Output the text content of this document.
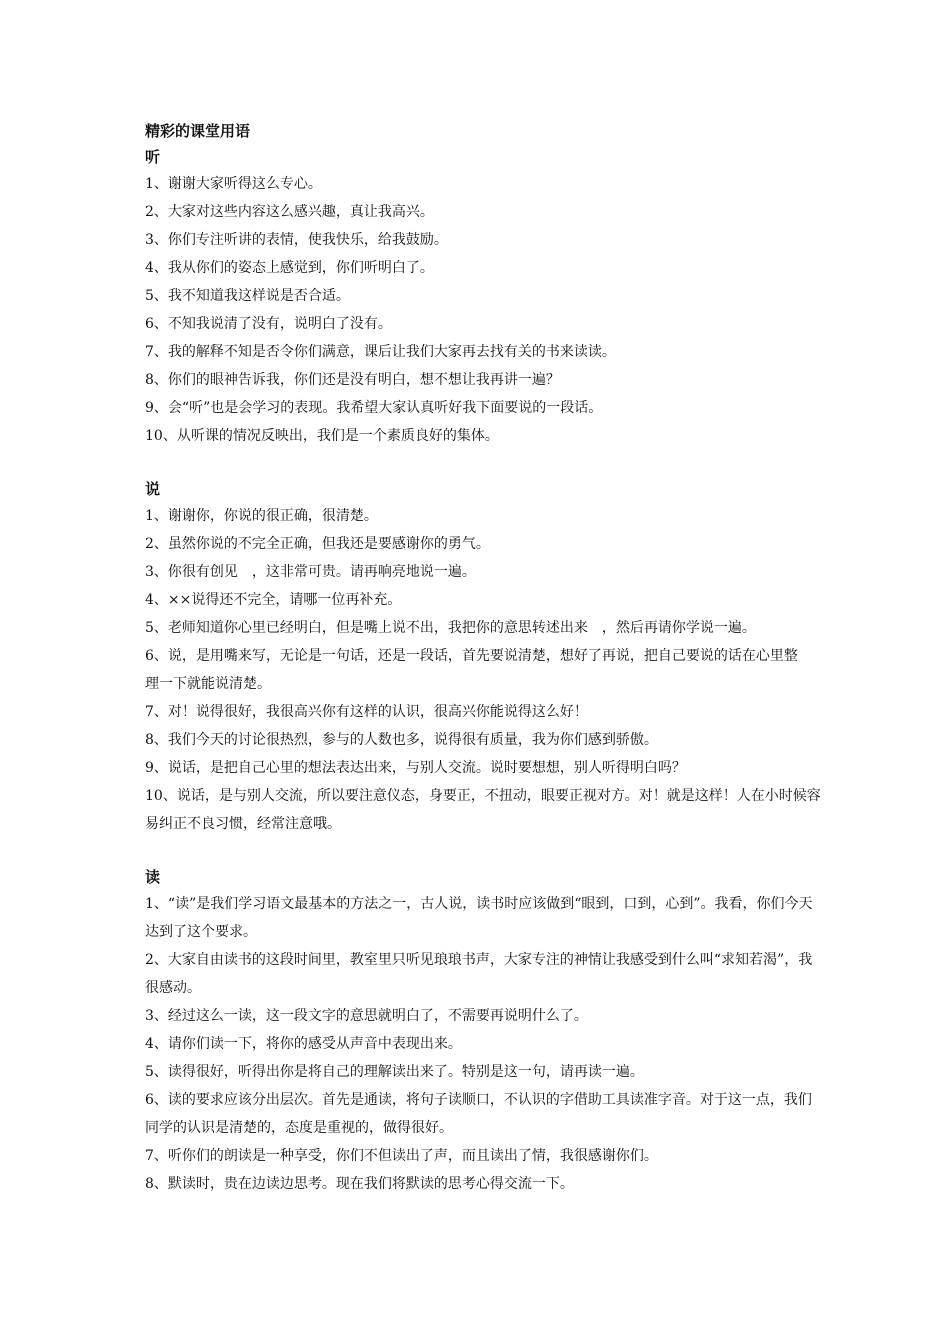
精彩的课堂用语
听

1、谢谢大家听得这么专心。

2、大家对这些内容这么感兴趣，真让我高兴。

3、你们专注听讲的表情，使我快乐，给我鼓励。

4、我从你们的姿态上感觉到，你们听明白了。

5、我不知道我这样说是否合适。

6、不知我说清了没有，说明白了没有。

7、我的解释不知是否令你们满意，课后让我们大家再去找有关的书来读读。

8、你们的眼神告诉我，你们还是没有明白，想不想让我再讲一遍？

9、会“听”也是会学习的表现。我希望大家认真听好我下面要说的一段话。

10、从听课的情况反映出，我们是一个素质良好的集体。

说

1、谢谢你，你说的很正确，很清楚。

2、虽然你说的不完全正确，但我还是要感谢你的勇气。

3、你很有创见　，这非常可贵。请再响亮地说一遍。

4、××说得还不完全，请哪一位再补充。

5、老师知道你心里已经明白，但是嘴上说不出，我把你的意思转述出来　，然后再请你学说一遍。

6、说，是用嘴来写，无论是一句话，还是一段话，首先要说清楚，想好了再说，把自己要说的话在心里整　理一下就能说清楚。

7、对！说得很好，我很高兴你有这样的认识，很高兴你能说得这么好！

8、我们今天的讨论很热烈，参与的人数也多，说得很有质量，我为你们感到骄傲。

9、说话，是把自己心里的想法表达出来，与别人交流。说时要想想，别人听得明白吗？

10、说话，是与别人交流，所以要注意仪态，身要正，不扭动，眼要正视对方。对！就是这样！人在小时候容易纠正不良习惯，经常注意哦。

读

1、“读”是我们学习语文最基本的方法之一，古人说，读书时应该做到“眼到，口到，心到”。我看，你们今天达到了这个要求。

2、大家自由读书的这段时间里，教室里只听见琅琅书声，大家专注的神情让我感受到什么叫“求知若渴”，我很感动。

3、经过这么一读，这一段文字的意思就明白了，不需要再说明什么了。

4、请你们读一下，将你的感受从声音中表现出来。

5、读得很好，听得出你是将自己的理解读出来了。特别是这一句，请再读一遍。

6、读的要求应该分出层次。首先是通读，将句子读顺口，不认识的字借助工具读准字音。对于这一点，我们同学的认识是清楚的，态度是重视的，做得很好。

7、听你们的朗读是一种享受，你们不但读出了声，而且读出了情，我很感谢你们。

8、默读时，贵在边读边思考。现在我们将默读的思考心得交流一下。
